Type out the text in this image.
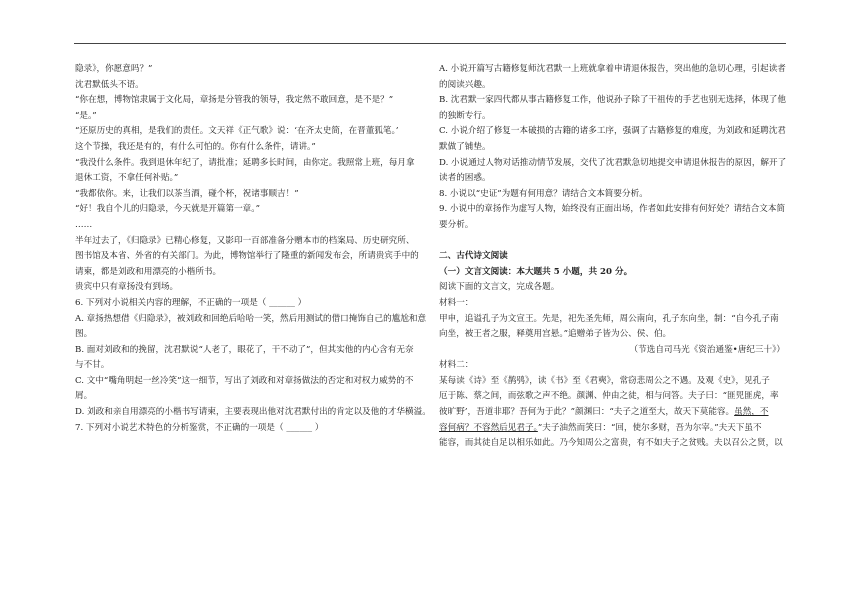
隐录》，你愿意吗？”
沈君默低头不语。
“你在想，博物馆隶属于文化局，章扬是分管我的领导，我定然不敢回意，是不是？”
“是。”
“还原历史的真相，是我们的责任。文天祥《正气歌》说：‘在齐太史简，在晋董狐笔。’
这个节操，我还是有的，有什么可怕的。你有什么条件，请讲。”
“我没什么条件。我到退休年纪了，请批准；延聘多长时间，由你定。我照常上班，每月拿
退休工资，不拿任何补贴。”
“我都依你。来，让我们以茶当酒，碰个杯，祝诸事顺吉！”
“好！我自个儿的归隐录，今天就是开篇第一章。”
……
半年过去了，《归隐录》已精心修复，又影印一百部准备分赠本市的档案局、历史研究所、
图书馆及本省、外省的有关部门。为此，博物馆举行了隆重的新闻发布会，所请贵宾手中的
请柬，都是刘政和用漂亮的小楷所书。
贵宾中只有章扬没有到场。
6. 下列对小说相关内容的理解，不正确的一项是（ ______ ）
A. 章扬热想借《归隐录》，被刘政和回绝后哈哈一笑，然后用测试的借口掩饰自己的尴尬和意
图。
B. 面对刘政和的挽留，沈君默说“人老了，眼花了，干不动了”，但其实他的内心含有无奈
与不甘。
C. 文中“嘴角明起一丝冷笑”这一细节，写出了刘政和对章扬做法的否定和对权力威势的不
屑。
D. 刘政和亲自用漂亮的小楷书写请柬，主要表现出他对沈君默付出的肯定以及他的才华横溢。
7. 下列对小说艺术特色的分析鉴赏，不正确的一项是（ ______ ）
A. 小说开篇写古籍修复师沈君默一上班就拿着申请退休报告，突出他的急切心理，引起读者
的阅读兴趣。
B. 沈君默一家四代都从事古籍修复工作，他说孙子除了干祖传的手艺也别无选择，体现了他
的独断专行。
C. 小说介绍了修复一本破损的古籍的诸多工序，强调了古籍修复的难度，为刘政和延聘沈君
默做了铺垫。
D. 小说通过人物对话推动情节发展，交代了沈君默急切地提交申请退休报告的原因，解开了
读者的困惑。
8. 小说以“史证”为题有何用意？请结合文本简要分析。
9. 小说中的章扬作为虚写人物，始终没有正面出场，作者如此安排有何好处？请结合文本简
要分析。
二、古代诗文阅读
（一）文言文阅读：本大题共 5 小题，共 20 分。
阅读下面的文言文，完成各题。
材料一：
甲申，追谥孔子为文宣王。先是，祀先圣先师，周公南向，孔子东向坐，制：“自今孔子南
向坐，被王者之服，释奠用宫悬。”追赠弟子皆为公、侯、伯。
（节选自司马光《资治通鉴•唐纪三十》）
材料二：
某每读《诗》至《鹊鸮》，读《书》至《君奭》，常窃悲周公之不遇。及观《史》，见孔子
厄于陈、蔡之间，而弦歌之声不绝。颜渊、仲由之徒，相与问答。夫子曰：“匪兕匪虎，率
彼旷野’，吾道非耶？吾何为于此？”颜渊曰：“夫子之道至大，故天下莫能容。虽然，不
容何病？不容然后见君子。”夫子油然而笑曰：“回，使尔多财，吾为尔宰。”夫天下虽不
能容，而其徒自足以相乐如此。乃今知周公之富贵，有不如夫子之贫贱。夫以召公之贤，以
